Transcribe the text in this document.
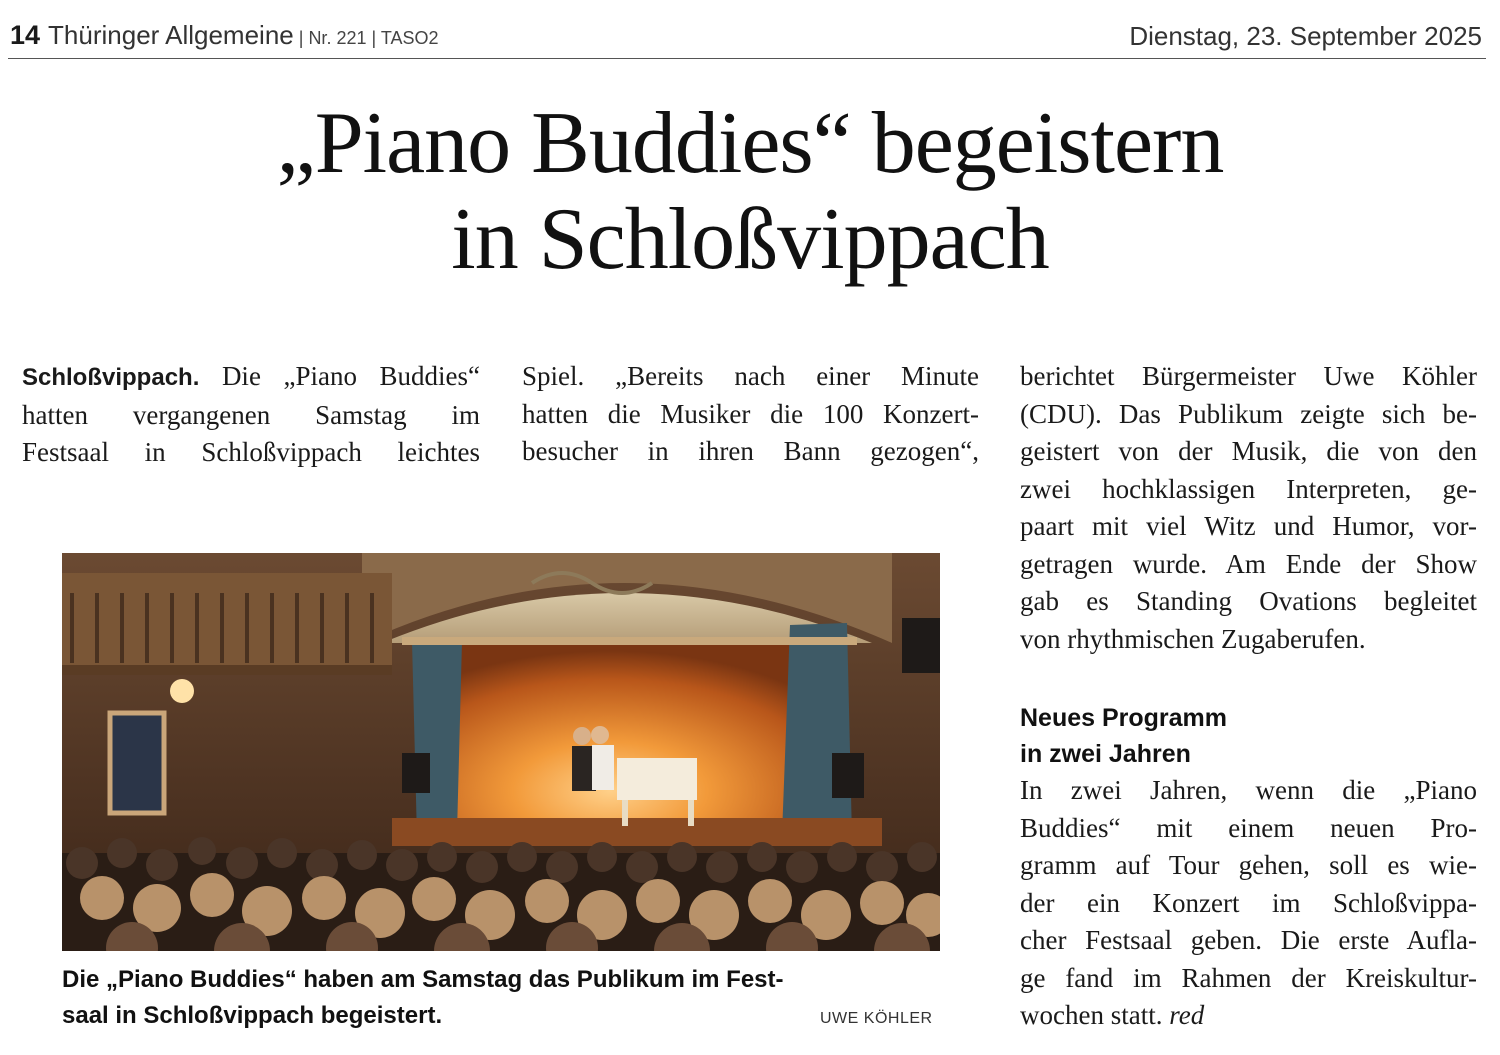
14 Thüringer Allgemeine | Nr. 221 | TASO2	Dienstag, 23. September 2025
„Piano Buddies“ begeistern
in Schloßvippach
Schloßvippach. Die „Piano Buddies“
hatten vergangenen Samstag im
Festsaal in Schloßvippach leichtes
Spiel. „Bereits nach einer Minute
hatten die Musiker die 100 Konzert-
besucher in ihren Bann gezogen“,
berichtet Bürgermeister Uwe Köhler
(CDU). Das Publikum zeigte sich be-
geistert von der Musik, die von den
zwei hochklassigen Interpreten, ge-
paart mit viel Witz und Humor, vor-
getragen wurde. Am Ende der Show
gab es Standing Ovations begleitet
von rhythmischen Zugaberufen.
Neues Programm
in zwei Jahren
In zwei Jahren, wenn die „Piano
Buddies“ mit einem neuen Pro-
gramm auf Tour gehen, soll es wie-
der ein Konzert im Schloßvippa-
cher Festsaal geben. Die erste Aufla-
ge fand im Rahmen der Kreiskultur-
wochen statt. red
Die „Piano Buddies“ haben am Samstag das Publikum im Fest-
saal in Schloßvippach begeistert.	UWE KÖHLER
